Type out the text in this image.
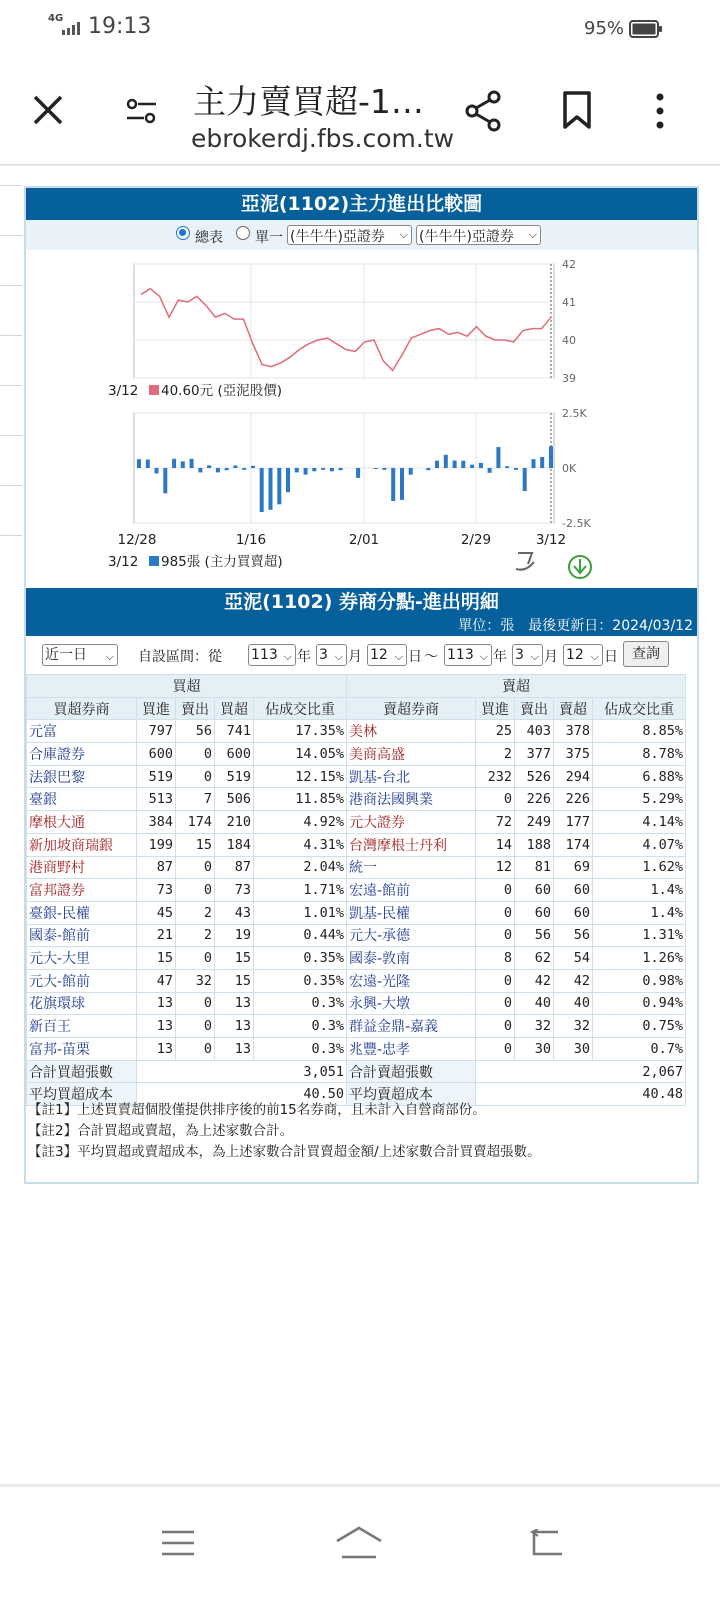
4G 19:13	95%
主力賣買超-1…
ebrokerdj.fbs.com.tw
亞泥(1102)主力進出比較圖
總表 單一 (牛牛牛)亞證券 ⌵ (牛牛牛)亞證券 ⌵
42
41
40
39
3/12 40.60元 (亞泥股價)
2.5K
0K
-2.5K
12/28	1/16	2/01	2/29	3/12
3/12 985張 (主力買賣超)
亞泥(1102) 券商分點-進出明細
單位：張　最後更新日：2024/03/12
近一日 ⌵ 自設區間：從 113 ⌵ 年 3 ⌵ 月 12 ⌵ 日 ～ 113 ⌵ 年 3 ⌵ 月 12 ⌵ 日	查詢
買超					賣超				
買超券商	買進	賣出	買超	佔成交比重	賣超券商	買進	賣出	賣超	佔成交比重
元富	797	56	741	17.35%	美林	25	403	378	8.85%
合庫證券	600	0	600	14.05%	美商高盛	2	377	375	8.78%
法銀巴黎	519	0	519	12.15%	凱基-台北	232	526	294	6.88%
臺銀	513	7	506	11.85%	港商法國興業	0	226	226	5.29%
摩根大通	384	174	210	4.92%	元大證券	72	249	177	4.14%
新加坡商瑞銀	199	15	184	4.31%	台灣摩根士丹利	14	188	174	4.07%
港商野村	87	0	87	2.04%	統一	12	81	69	1.62%
富邦證券	73	0	73	1.71%	宏遠-館前	0	60	60	1.4%
臺銀-民權	45	2	43	1.01%	凱基-民權	0	60	60	1.4%
國泰-館前	21	2	19	0.44%	元大-承德	0	56	56	1.31%
元大-大里	15	0	15	0.35%	國泰-敦南	8	62	54	1.26%
元大-館前	47	32	15	0.35%	宏遠-光隆	0	42	42	0.98%
花旗環球	13	0	13	0.3%	永興-大墩	0	40	40	0.94%
新百王	13	0	13	0.3%	群益金鼎-嘉義	0	32	32	0.75%
富邦-苗栗	13	0	13	0.3%	兆豐-忠孝	0	30	30	0.7%
合計買超張數	3,051				合計賣超張數	2,067			
平均買超成本	40.50				平均賣超成本	40.48			
【註1】上述買賣超個股僅提供排序後的前15名券商，且未計入自營商部份。
【註2】合計買超或賣超，為上述家數合計。
【註3】平均買超或賣超成本，為上述家數合計買賣超金額/上述家數合計買賣超張數。
